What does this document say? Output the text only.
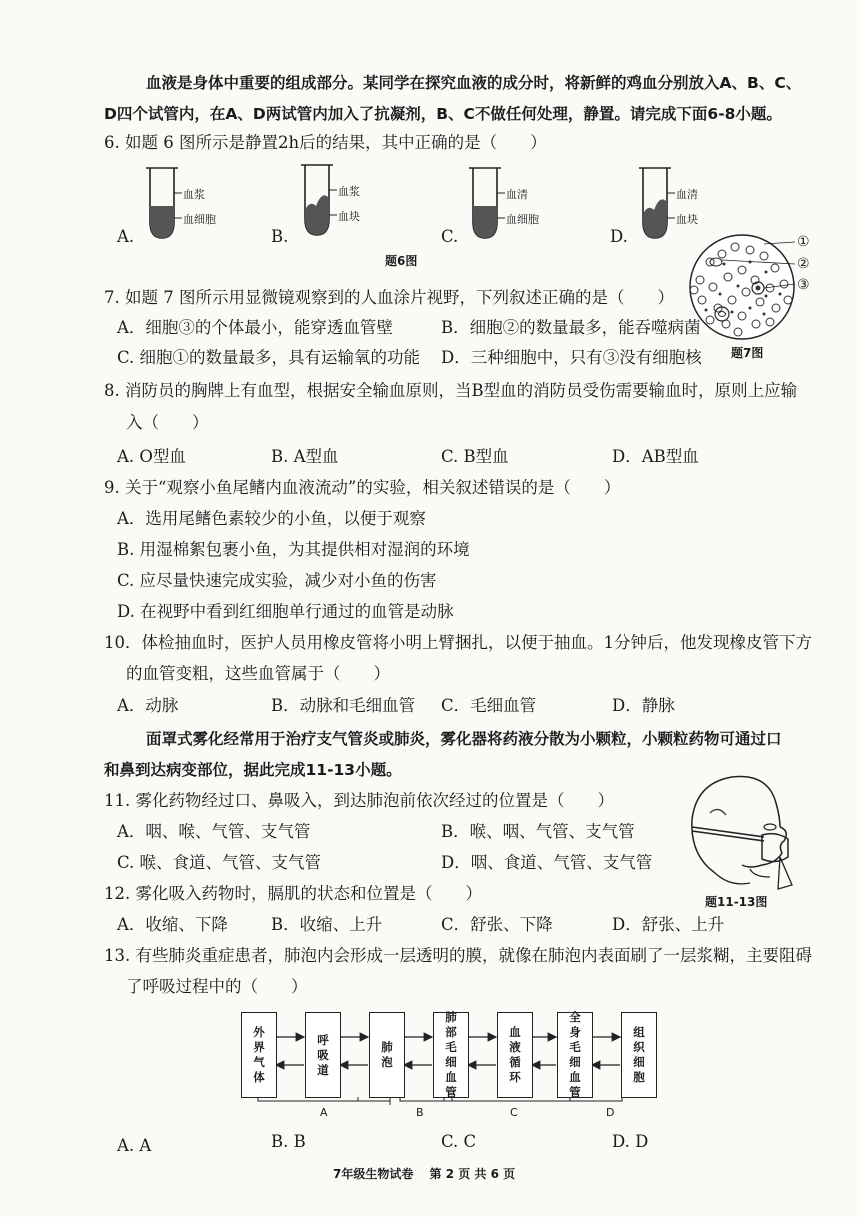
血液是身体中重要的组成部分。某同学在探究血液的成分时，将新鲜的鸡血分别放入A、B、C、
D四个试管内，在A、D两试管内加入了抗凝剂，B、C不做任何处理，静置。请完成下面6-8小题。
6. 如题 6 图所示是静置2h后的结果，其中正确的是（　　）
血浆
血细胞
血浆
血块
血清
血细胞
血清
血块
A.	B.	C.	D.
题6图
①
②
③
题7图
7. 如题 7 图所示用显微镜观察到的人血涂片视野，下列叙述正确的是（　　）
A．细胞③的个体最小，能穿透血管壁	B．细胞②的数量最多，能吞噬病菌
C. 细胞①的数量最多，具有运输氧的功能 D．三种细胞中，只有③没有细胞核
8. 消防员的胸牌上有血型，根据安全输血原则，当B型血的消防员受伤需要输血时，原则上应输
入（　　）
A. O型血	B. A型血	C. B型血	D．AB型血
9. 关于“观察小鱼尾鳍内血液流动”的实验，相关叙述错误的是（　　）
A．选用尾鳍色素较少的小鱼，以便于观察
B. 用湿棉絮包裹小鱼，为其提供相对湿润的环境
C. 应尽量快速完成实验，减少对小鱼的伤害
D. 在视野中看到红细胞单行通过的血管是动脉
10．体检抽血时，医护人员用橡皮管将小明上臂捆扎，以便于抽血。1分钟后，他发现橡皮管下方
的血管变粗，这些血管属于（　　）
A．动脉	B．动脉和毛细血管 C．毛细血管	D．静脉
面罩式雾化经常用于治疗支气管炎或肺炎，雾化器将药液分散为小颗粒，小颗粒药物可通过口
和鼻到达病变部位，据此完成11-13小题。
11. 雾化药物经过口、鼻吸入，到达肺泡前依次经过的位置是（　　）
A．咽、喉、气管、支气管	B．喉、咽、气管、支气管
C. 喉、食道、气管、支气管	D．咽、食道、气管、支气管
题11-13图
12. 雾化吸入药物时，膈肌的状态和位置是（　　）
A．收缩、下降	B．收缩、上升	C．舒张、下降	D．舒张、上升
13. 有些肺炎重症患者，肺泡内会形成一层透明的膜，就像在肺泡内表面刷了一层浆糊，主要阻碍
了呼吸过程中的（　　）
外界气体
呼吸道
肺泡
肺部毛细血管
血液循环
全身毛细血管
组织细胞
A	B	C	D
A. A	B. B	C. C	D. D
7年级生物试卷　 第 2 页 共 6 页
